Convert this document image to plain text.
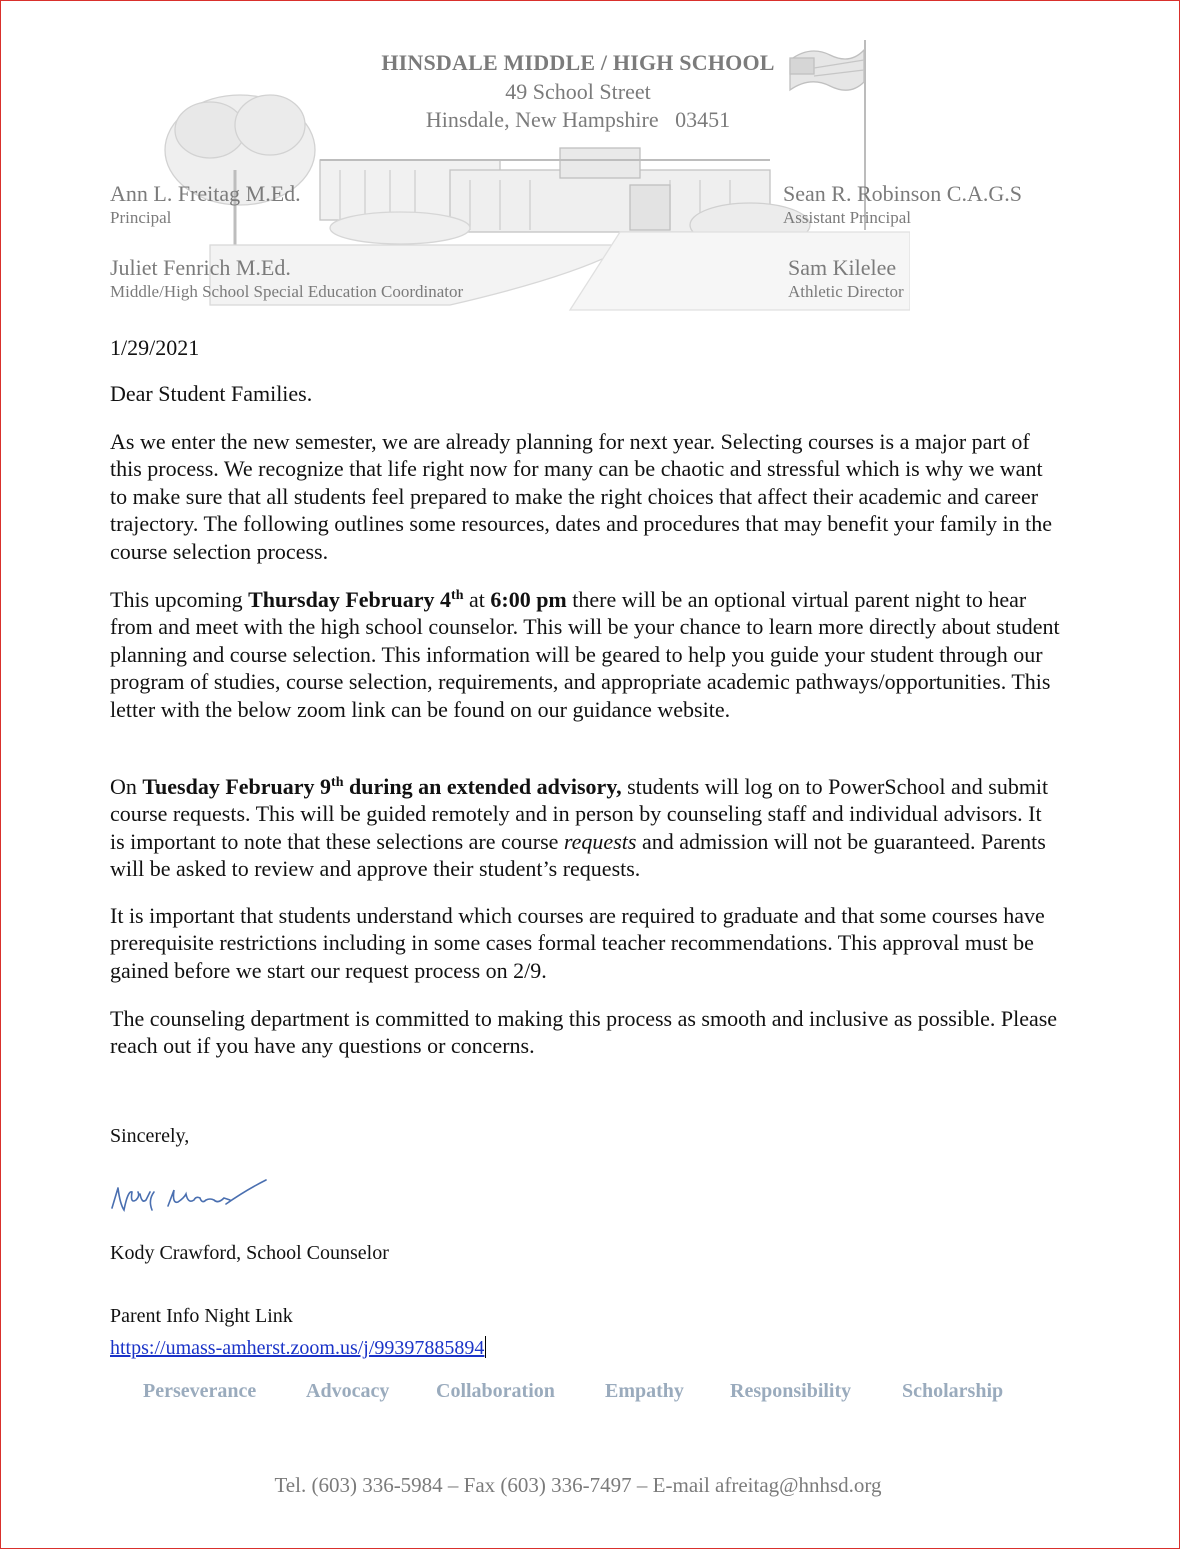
HINSDALE MIDDLE / HIGH SCHOOL
49 School Street
Hinsdale, New Hampshire   03451
Ann L. Freitag M.Ed.
Principal
Sean R. Robinson C.A.G.S
Assistant Principal
Juliet Fenrich M.Ed.
Middle/High School Special Education Coordinator
Sam Kilelee
Athletic Director
1/29/2021
Dear Student Families.
As we enter the new semester, we are already planning for next year. Selecting courses is a major part of this process. We recognize that life right now for many can be chaotic and stressful which is why we want to make sure that all students feel prepared to make the right choices that affect their academic and career trajectory. The following outlines some resources, dates and procedures that may benefit your family in the course selection process.
This upcoming Thursday February 4th at 6:00 pm there will be an optional virtual parent night to hear from and meet with the high school counselor. This will be your chance to learn more directly about student planning and course selection. This information will be geared to help you guide your student through our program of studies, course selection, requirements, and appropriate academic pathways/opportunities. This letter with the below zoom link can be found on our guidance website.
On Tuesday February 9th during an extended advisory, students will log on to PowerSchool and submit course requests. This will be guided remotely and in person by counseling staff and individual advisors. It is important to note that these selections are course requests and admission will not be guaranteed. Parents will be asked to review and approve their student’s requests.
It is important that students understand which courses are required to graduate and that some courses have prerequisite restrictions including in some cases formal teacher recommendations. This approval must be gained before we start our request process on 2/9.
The counseling department is committed to making this process as smooth and inclusive as possible. Please reach out if you have any questions or concerns.
Sincerely,
Kody Crawford, School Counselor
Parent Info Night Link
https://umass-amherst.zoom.us/j/99397885894
Perseverance Advocacy Collaboration	Empathy Responsibility	Scholarship
Tel. (603) 336-5984 – Fax (603) 336-7497 – E-mail afreitag@hnhsd.org
